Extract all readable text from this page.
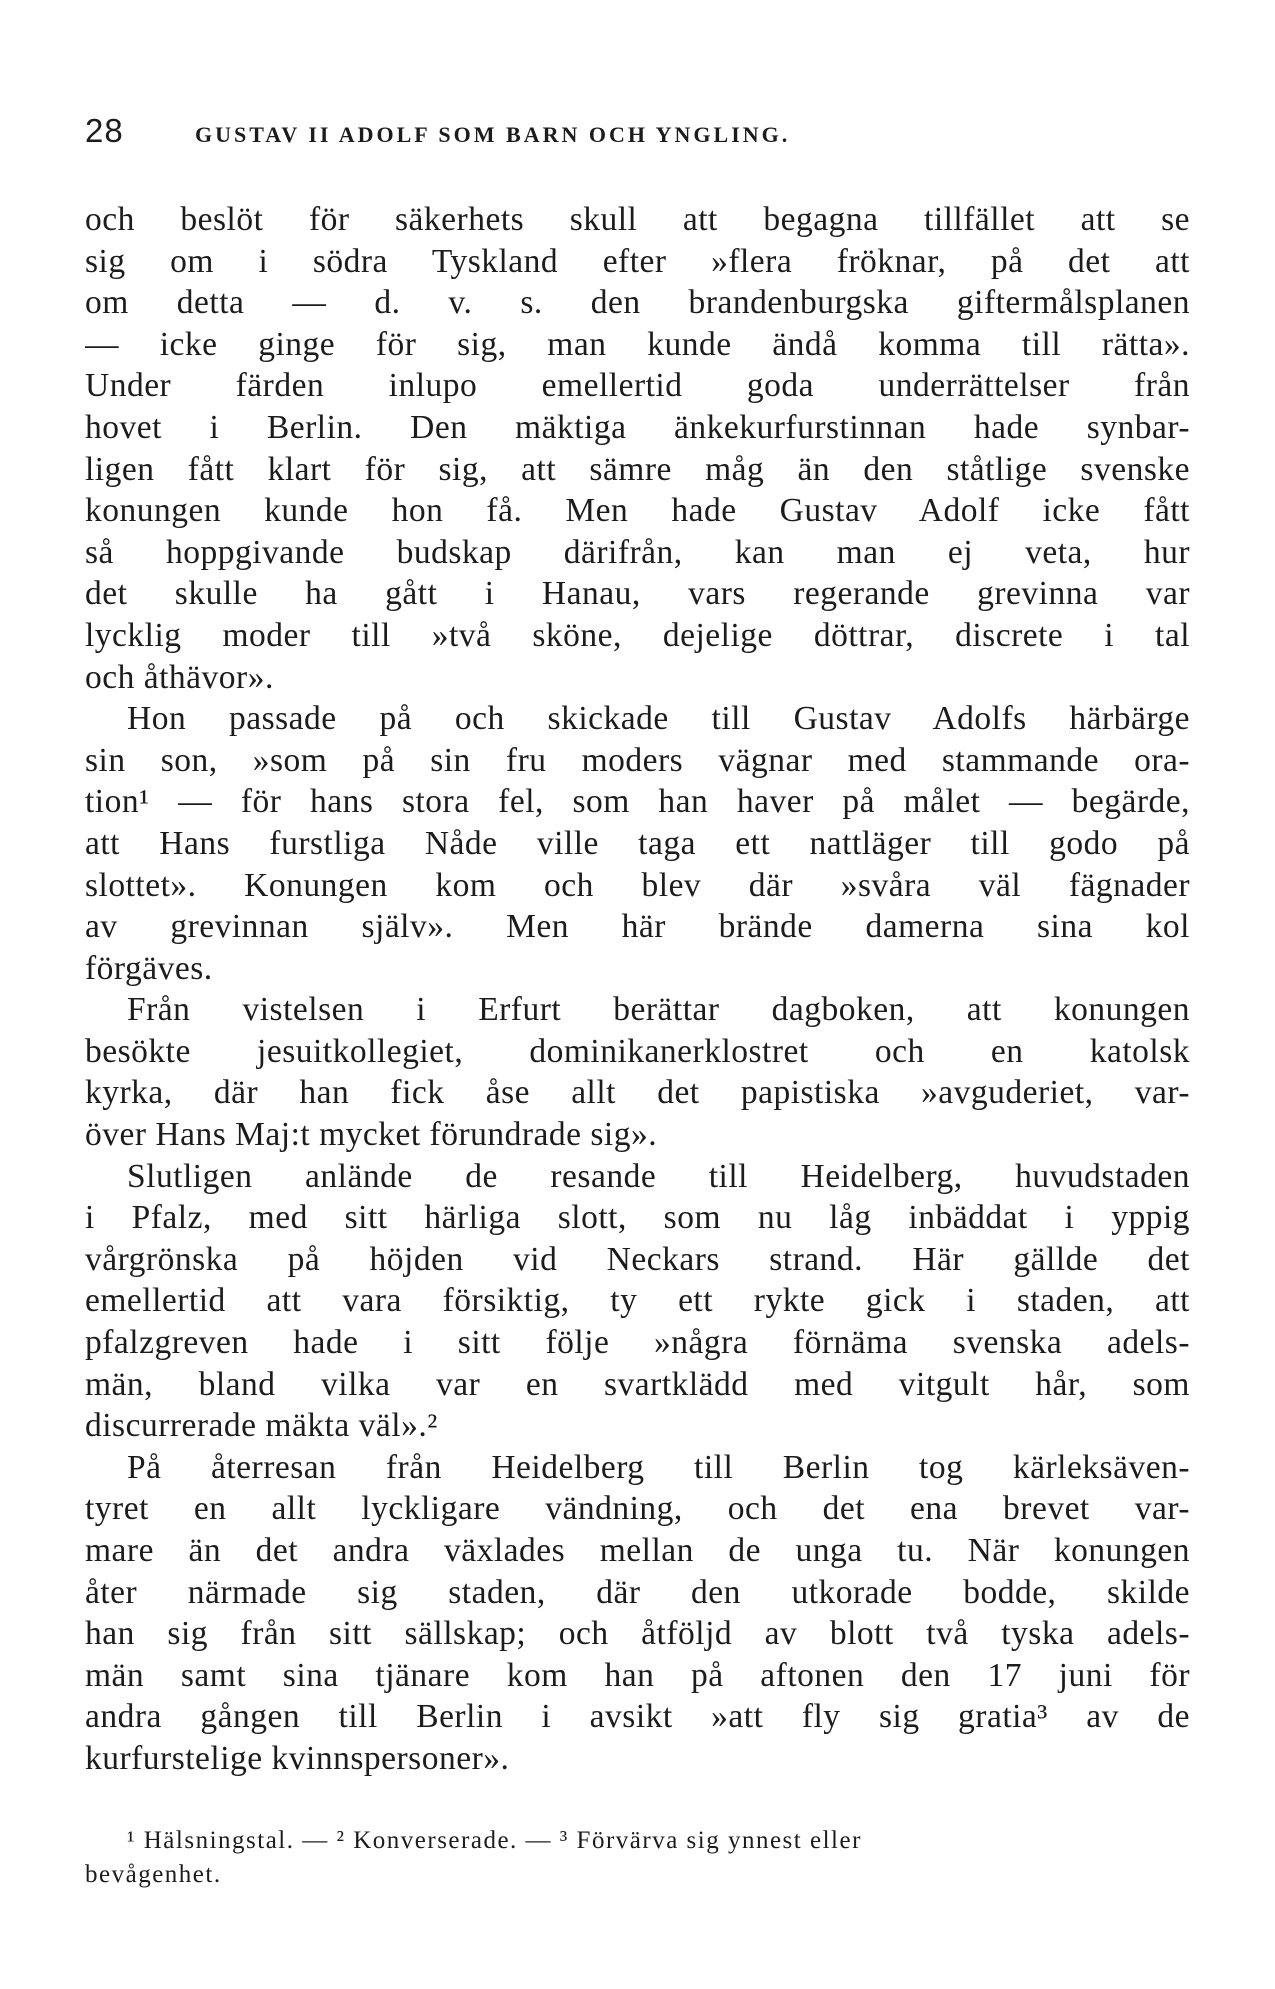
28	GUSTAV II ADOLF SOM BARN OCH YNGLING.
och beslöt för säkerhets skull att begagna tillfället att se
sig om i södra Tyskland efter »flera fröknar, på det att
om detta — d. v. s. den brandenburgska giftermålsplanen
— icke ginge för sig, man kunde ändå komma till rätta».
Under färden inlupo emellertid goda underrättelser från
hovet i Berlin. Den mäktiga änkekurfurstinnan hade synbar-
ligen fått klart för sig, att sämre måg än den ståtlige svenske
konungen kunde hon få. Men hade Gustav Adolf icke fått
så hoppgivande budskap därifrån, kan man ej veta, hur
det skulle ha gått i Hanau, vars regerande grevinna var
lycklig moder till »två sköne, dejelige döttrar, discrete i tal
och åthävor».
Hon passade på och skickade till Gustav Adolfs härbärge
sin son, »som på sin fru moders vägnar med stammande ora-
tion¹ — för hans stora fel, som han haver på målet — begärde,
att Hans furstliga Nåde ville taga ett nattläger till godo på
slottet». Konungen kom och blev där »svåra väl fägnader
av grevinnan själv». Men här brände damerna sina kol
förgäves.
Från vistelsen i Erfurt berättar dagboken, att konungen
besökte jesuitkollegiet, dominikanerklostret och en katolsk
kyrka, där han fick åse allt det papistiska »avguderiet, var-
över Hans Maj:t mycket förundrade sig».
Slutligen anlände de resande till Heidelberg, huvudstaden
i Pfalz, med sitt härliga slott, som nu låg inbäddat i yppig
vårgrönska på höjden vid Neckars strand. Här gällde det
emellertid att vara försiktig, ty ett rykte gick i staden, att
pfalzgreven hade i sitt följe »några förnäma svenska adels-
män, bland vilka var en svartklädd med vitgult hår, som
discurrerade mäkta väl».²
På återresan från Heidelberg till Berlin tog kärleksäven-
tyret en allt lyckligare vändning, och det ena brevet var-
mare än det andra växlades mellan de unga tu. När konungen
åter närmade sig staden, där den utkorade bodde, skilde
han sig från sitt sällskap; och åtföljd av blott två tyska adels-
män samt sina tjänare kom han på aftonen den 17 juni för
andra gången till Berlin i avsikt »att fly sig gratia³ av de
kurfurstelige kvinnspersoner».
¹ Hälsningstal. — ² Konverserade. — ³ Förvärva sig ynnest eller
bevågenhet.
